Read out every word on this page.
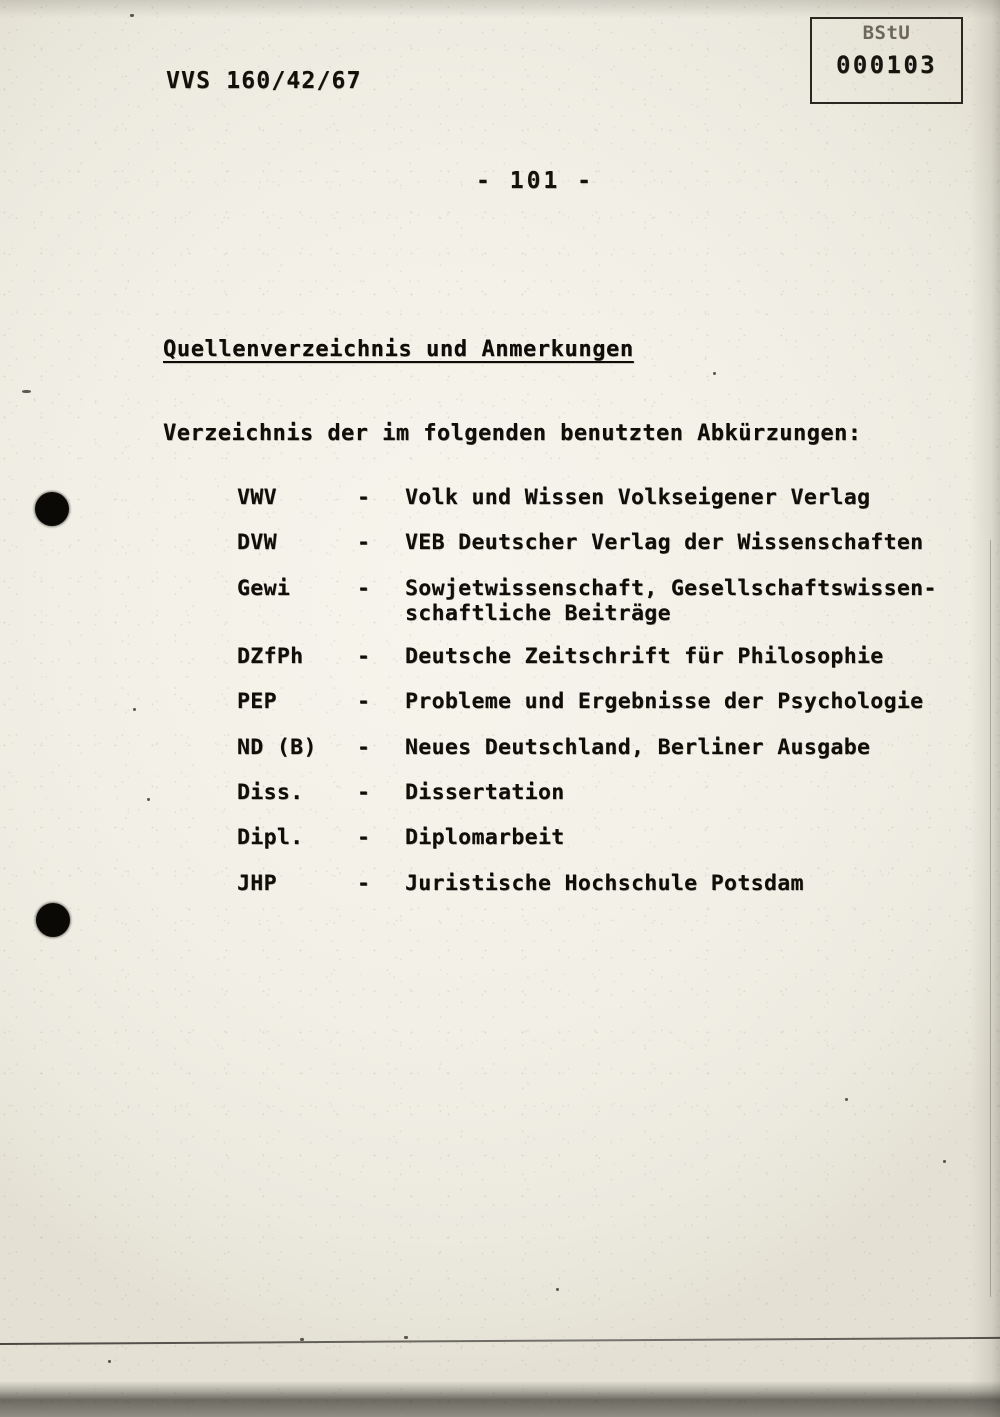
VVS 160/42/67
BStU
000103
- 101 -
Quellenverzeichnis und Anmerkungen
Verzeichnis der im folgenden benutzten Abkürzungen:
VWV	-	Volk und Wissen Volkseigener Verlag
DVW	-	VEB Deutscher Verlag der Wissenschaften
Gewi	-	Sowjetwissenschaft, Gesellschaftswissen-
schaftliche Beiträge
DZfPh	-	Deutsche Zeitschrift für Philosophie
PEP	-	Probleme und Ergebnisse der Psychologie
ND (B)	-	Neues Deutschland, Berliner Ausgabe
Diss.	-	Dissertation
Dipl.	-	Diplomarbeit
JHP	-	Juristische Hochschule Potsdam
